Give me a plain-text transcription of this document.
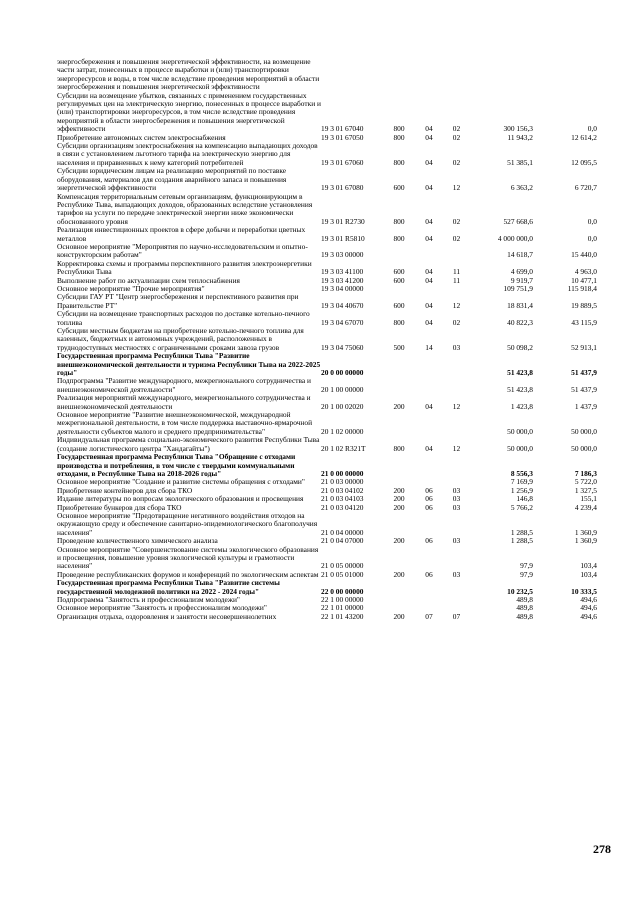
энергосбережения и повышения энергетической эффективности, на возмещение части затрат, понесенных в процессе выработки и (или) транспортировки энергоресурсов и воды, в том числе вследствие проведения мероприятий в области энергосбережения и повышения энергетической эффективности						
Субсидии на возмещение убытков, связанных с применением государственных регулируемых цен на электрическую энергию, понесенных в процессе выработки и (или) транспортировки энергоресурсов, в том числе вследствие проведения мероприятий в области энергосбережения и повышения энергетической эффективности	19 3 01 67040	800	04	02	300 156,3	0,0
Приобретение автономных систем электроснабжения	19 3 01 67050	800	04	02	11 943,2	12 614,2
Субсидии организациям электроснабжения на компенсацию выпадающих доходов в связи с установлением льготного тарифа на электрическую энергию для населения и приравненных к нему категорий потребителей	19 3 01 67060	800	04	02	51 385,1	12 095,5
Субсидии юридическим лицам на реализацию мероприятий по поставке оборудования, материалов для создания аварийного запаса и повышения энергетической эффективности	19 3 01 67080	600	04	12	6 363,2	6 720,7
Компенсация территориальным сетевым организациям, функционирующим в Республике Тыва, выпадающих доходов, образованных вследствие установления тарифов на услуги по передаче электрической энергии ниже экономически обоснованного уровня	19 3 01 R2730	800	04	02	527 668,6	0,0
Реализация инвестиционных проектов в сфере добычи и переработки цветных металлов	19 3 01 R5810	800	04	02	4 000 000,0	0,0
Основное мероприятие "Мероприятия по научно-исследовательским и опытно-конструкторским работам"	19 3 03 00000				14 618,7	15 440,0
Корректировка схемы и программы перспективного развития электроэнергетики Республики Тыва	19 3 03 41100	600	04	11	4 699,0	4 963,0
Выполнение работ по актуализации схем теплоснабжения	19 3 03 41200	600	04	11	9 919,7	10 477,1
Основное мероприятие "Прочие мероприятия"	19 3 04 00000				109 751,9	115 918,4
Субсидии ГАУ РТ "Центр энергосбережения и перспективного развития при Правительстве РТ"	19 3 04 40670	600	04	12	18 831,4	19 889,5
Субсидии на возмещение транспортных расходов по доставке котельно-печного топлива	19 3 04 67070	800	04	02	40 822,3	43 115,9
Субсидии местным бюджетам на приобретение котельно-печного топлива для казенных, бюджетных и автономных учреждений, расположенных в труднодоступных местностях с ограниченными сроками завоза грузов	19 3 04 75060	500	14	03	50 098,2	52 913,1
Государственная программа Республики Тыва "Развитие внешнеэкономической деятельности и туризма Республики Тыва на 2022-2025 годы"	20 0 00 00000				51 423,8	51 437,9
Подпрограмма "Развитие международного, межрегионального сотрудничества и внешнеэкономической деятельности"	20 1 00 00000				51 423,8	51 437,9
Реализация мероприятий международного, межрегионального сотрудничества и внешнеэкономической деятельности	20 1 00 02020	200	04	12	1 423,8	1 437,9
Основное мероприятие "Развитие внешнеэкономической, международной межрегиональной деятельности, в том числе поддержка выставочно-ярмарочной деятельности субъектов малого и среднего предпринимательства"	20 1 02 00000				50 000,0	50 000,0
Индивидуальная программа социально-экономического развития Республики Тыва (создание логистического центра "Хандагайты")	20 1 02 R321T	800	04	12	50 000,0	50 000,0
Государственная программа Республики Тыва "Обращение с отходами производства и потребления, в том числе с твердыми коммунальными отходами, в Республике Тыва на 2018-2026 годы"	21 0 00 00000				8 556,3	7 186,3
Основное мероприятие "Создание и развитие системы обращения с отходами"	21 0 03 00000				7 169,9	5 722,0
Приобретение контейнеров для сбора ТКО	21 0 03 04102	200	06	03	1 256,9	1 327,5
Издание литературы по вопросам экологического образования и просвещения	21 0 03 04103	200	06	03	146,8	155,1
Приобретение бункеров для сбора ТКО	21 0 03 04120	200	06	03	5 766,2	4 239,4
Основное мероприятие "Предотвращение негативного воздействия отходов на окружающую среду и обеспечение санитарно-эпидемиологического благополучия населения"	21 0 04 00000				1 288,5	1 360,9
Проведение количественного химического анализа	21 0 04 07000	200	06	03	1 288,5	1 360,9
Основное мероприятие "Совершенствование системы экологического образования и просвещения, повышение уровня экологической культуры и грамотности населения"	21 0 05 00000				97,9	103,4
Проведение республиканских форумов и конференций по экологическим аспектам	21 0 05 01000	200	06	03	97,9	103,4
Государственная программа Республики Тыва "Развитие системы государственной молодежной политики на 2022 - 2024 годы"	22 0 00 00000				10 232,5	10 333,5
Подпрограмма "Занятость и профессионализм молодежи"	22 1 00 00000				489,8	494,6
Основное мероприятие "Занятость и профессионализм молодежи"	22 1 01 00000				489,8	494,6
Организация отдыха, оздоровления и занятости несовершеннолетних	22 1 01 43200	200	07	07	489,8	494,6
278
